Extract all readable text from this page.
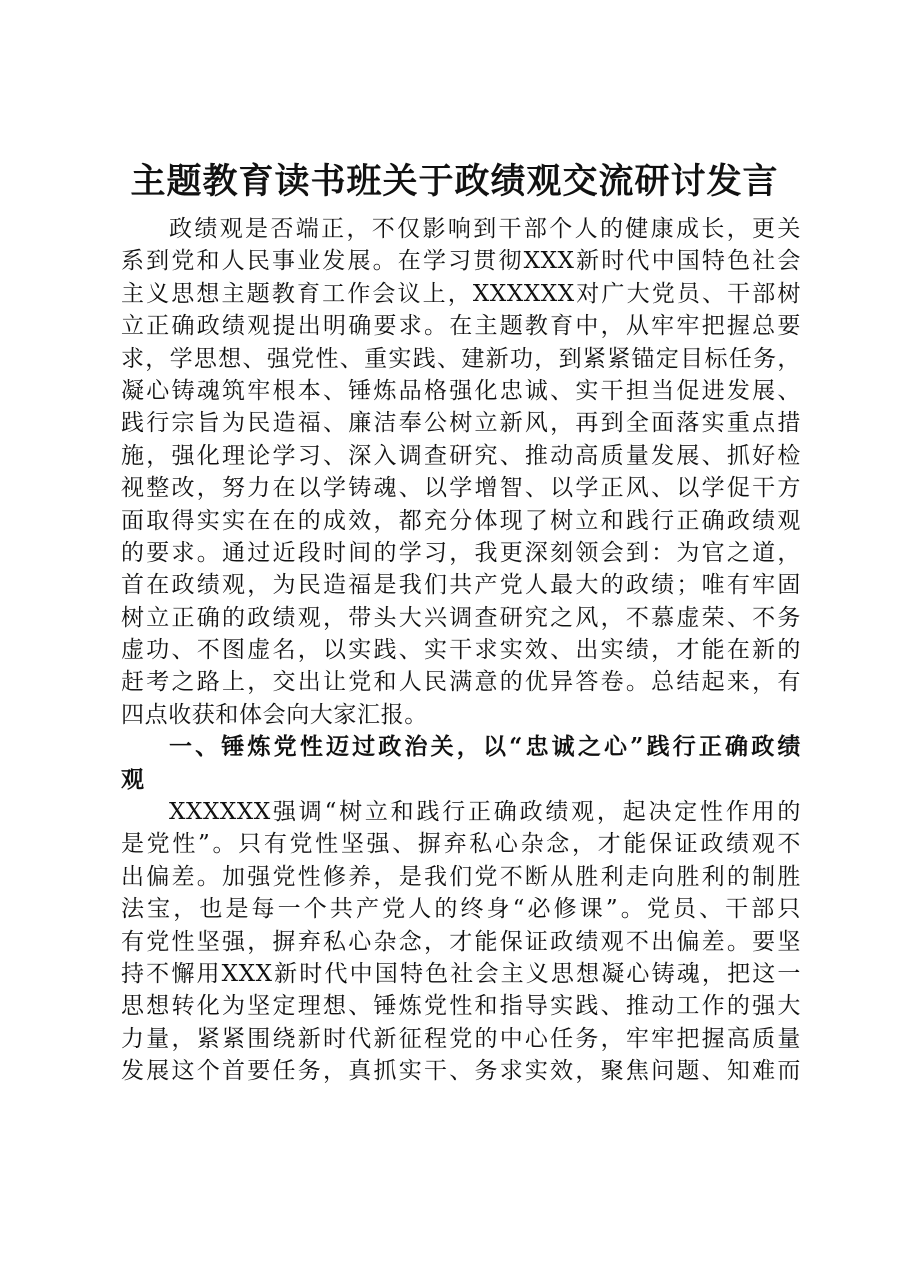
主题教育读书班关于政绩观交流研讨发言
政绩观是否端正，不仅影响到干部个人的健康成长，更关
系到党和人民事业发展。在学习贯彻XXX新时代中国特色社会
主义思想主题教育工作会议上，XXXXXX对广大党员、干部树
立正确政绩观提出明确要求。在主题教育中，从牢牢把握总要
求，学思想、强党性、重实践、建新功，到紧紧锚定目标任务，
凝心铸魂筑牢根本、锤炼品格强化忠诚、实干担当促进发展、
践行宗旨为民造福、廉洁奉公树立新风，再到全面落实重点措
施，强化理论学习、深入调查研究、推动高质量发展、抓好检
视整改，努力在以学铸魂、以学增智、以学正风、以学促干方
面取得实实在在的成效，都充分体现了树立和践行正确政绩观
的要求。通过近段时间的学习，我更深刻领会到：为官之道，
首在政绩观，为民造福是我们共产党人最大的政绩；唯有牢固
树立正确的政绩观，带头大兴调查研究之风，不慕虚荣、不务
虚功、不图虚名，以实践、实干求实效、出实绩，才能在新的
赶考之路上，交出让党和人民满意的优异答卷。总结起来，有
四点收获和体会向大家汇报。
一、锤炼党性迈过政治关，以“忠诚之心”践行正确政绩
观
XXXXXX强调“树立和践行正确政绩观，起决定性作用的
是党性”。只有党性坚强、摒弃私心杂念，才能保证政绩观不
出偏差。加强党性修养，是我们党不断从胜利走向胜利的制胜
法宝，也是每一个共产党人的终身“必修课”。党员、干部只
有党性坚强，摒弃私心杂念，才能保证政绩观不出偏差。要坚
持不懈用XXX新时代中国特色社会主义思想凝心铸魂，把这一
思想转化为坚定理想、锤炼党性和指导实践、推动工作的强大
力量，紧紧围绕新时代新征程党的中心任务，牢牢把握高质量
发展这个首要任务，真抓实干、务求实效，聚焦问题、知难而
